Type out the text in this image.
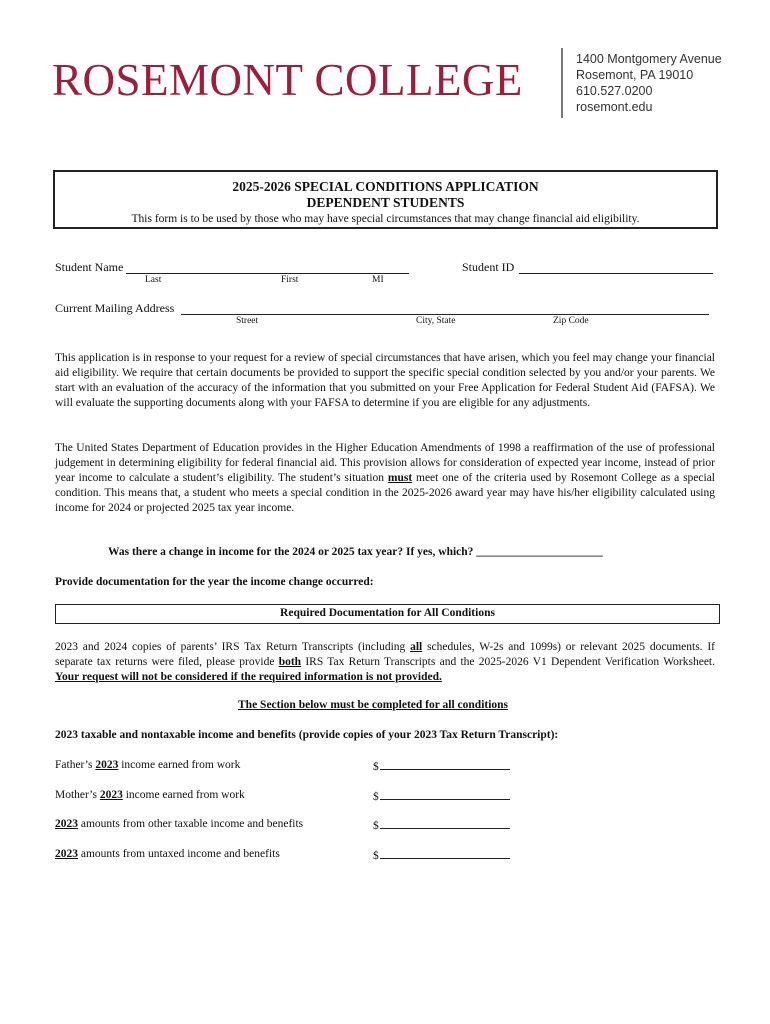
ROSEMONT COLLEGE	1400 Montgomery Avenue
Rosemont, PA 19010
610.527.0200
rosemont.edu
2025-2026 SPECIAL CONDITIONS APPLICATION
DEPENDENT STUDENTS
This form is to be used by those who may have special circumstances that may change financial aid eligibility.
Student Name
Last	First	MI
Student ID
Current Mailing Address
Street	City, State	Zip Code
This application is in response to your request for a review of special circumstances that have arisen, which you feel may change your financial aid eligibility. We require that certain documents be provided to support the specific special condition selected by you and/or your parents. We start with an evaluation of the accuracy of the information that you submitted on your Free Application for Federal Student Aid (FAFSA). We will evaluate the supporting documents along with your FAFSA to determine if you are eligible for any adjustments.
The United States Department of Education provides in the Higher Education Amendments of 1998 a reaffirmation of the use of professional judgement in determining eligibility for federal financial aid. This provision allows for consideration of expected year income, instead of prior year income to calculate a student’s eligibility. The student’s situation must meet one of the criteria used by Rosemont College as a special condition. This means that, a student who meets a special condition in the 2025-2026 award year may have his/her eligibility calculated using income for 2024 or projected 2025 tax year income.
Was there a change in income for the 2024 or 2025 tax year? If yes, which? ______________________
Provide documentation for the year the income change occurred:
Required Documentation for All Conditions
2023 and 2024 copies of parents’ IRS Tax Return Transcripts (including all schedules, W-2s and 1099s) or relevant 2025 documents. If separate tax returns were filed, please provide both IRS Tax Return Transcripts and the 2025-2026 V1 Dependent Verification Worksheet. Your request will not be considered if the required information is not provided.
The Section below must be completed for all conditions
2023 taxable and nontaxable income and benefits (provide copies of your 2023 Tax Return Transcript):
Father’s 2023 income earned from work	$
Mother’s 2023 income earned from work	$
2023 amounts from other taxable income and benefits	$
2023 amounts from untaxed income and benefits	$
